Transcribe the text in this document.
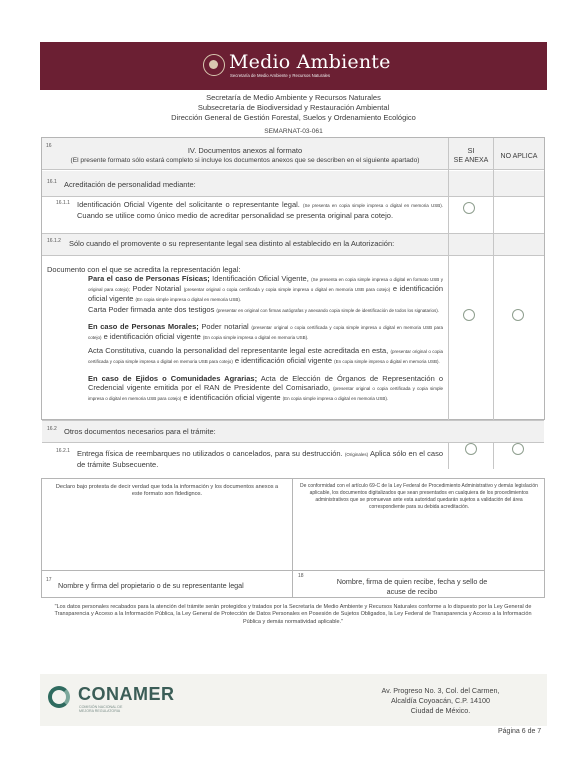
Medio Ambiente
Secretaría de Medio Ambiente y Recursos Naturales
Secretaría de Medio Ambiente y Recursos Naturales
Subsecretaría de Biodiversidad y Restauración Ambiental
Dirección General de Gestión Forestal, Suelos y Ordenamiento Ecológico
SEMARNAT-03-061
16	IV. Documentos anexos al formato
(El presente formato sólo estará completo si incluye los documentos anexos que se describen en el siguiente apartado)
SI
SE ANEXA
NO APLICA
16.1 Acreditación de personalidad mediante:
16.1.1 Identificación Oficial Vigente del solicitante o representante legal. (Se presenta en copia simple impresa o digital en memoria USB). Cuando se utilice como único medio de acreditar personalidad se presenta original para cotejo.
16.1.2 Sólo cuando el promovente o su representante legal sea distinto al establecido en la Autorización:
Documento con el que se acredita la representación legal:
Para el caso de Personas Físicas; Identificación Oficial Vigente, (Se presenta en copia simple impresa o digital en formato USB y original para cotejo); Poder Notarial (presentar original o copia certificada y copia simple impresa o digital en memoria USB para cotejo) e identificación oficial vigente (En copia simple impresa o digital en memoria USB).
Carta Poder firmada ante dos testigos (presentar en original con firmas autógrafas y anexando copia simple de identificación de todos los signatarios).
En caso de Personas Morales; Poder notarial (presentar original o copia certificada y copia simple impresa o digital en memoria USB para cotejo) e identificación oficial vigente (En copia simple impresa o digital en memoria USB).
Acta Constitutiva, cuando la personalidad del representante legal este acreditada en esta, (presentar original o copia certificada y copia simple impresa o digital en memoria USB para cotejo) e identificación oficial vigente (En copia simple impresa o digital en memoria USB).
En caso de Ejidos o Comunidades Agrarias; Acta de Elección de Órganos de Representación o Credencial vigente emitida por el RAN de Presidente del Comisariado, (presentar original o copia certificada y copia simple impresa o digital en memoria USB para cotejo) e identificación oficial vigente (En copia simple impresa o digital en memoria USB).
16.2 Otros documentos necesarios para el trámite:
16.2.1 Entrega física de reembarques no utilizados o cancelados, para su destrucción. (Originales) Aplica sólo en el caso de trámite Subsecuente.
Declaro bajo protesta de decir verdad que toda la información y los documentos anexos a este formato son fidedignos.
De conformidad con el artículo 69-C de la Ley Federal de Procedimiento Administrativo y demás legislación aplicable, los documentos digitalizados que sean presentados en cualquiera de los procedimientos administrativos que se promuevan ante esta autoridad quedarán sujetos a validación del área correspondiente para su debida acreditación.
17
Nombre y firma del propietario o de su representante legal
18
Nombre, firma de quien recibe, fecha y sello de acuse de recibo
"Los datos personales recabados para la atención del trámite serán protegidos y tratados por la Secretaría de Medio Ambiente y Recursos Naturales conforme a lo dispuesto por la Ley General de Transparencia y Acceso a la Información Pública, la Ley General de Protección de Datos Personales en Posesión de Sujetos Obligados, la Ley Federal de Transparencia y Acceso a la Información Pública y demás normatividad aplicable."
CONAMER
COMISIÓN NACIONAL DE MEJORA REGULATORIA
Av. Progreso No. 3, Col. del Carmen,
Alcaldía Coyoacán, C.P. 14100
Ciudad de México.
Página 6 de 7
